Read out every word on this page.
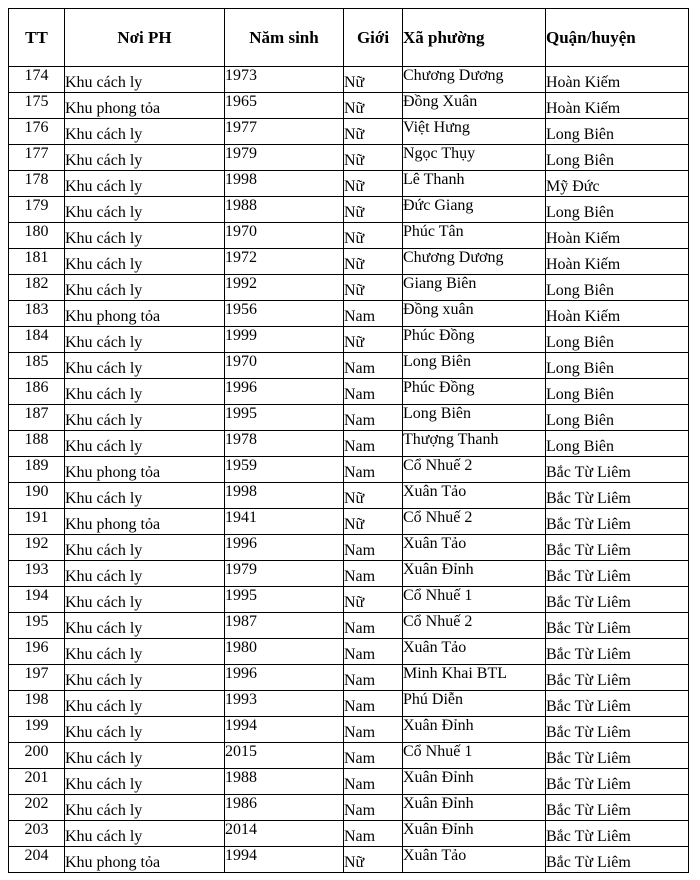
TT	Nơi PH	Năm sinh	Giới	Xã phường	Quận/huyện
174	Khu cách ly	1973	Nữ	Chương Dương	Hoàn Kiếm
175	Khu phong tỏa	1965	Nữ	Đồng Xuân	Hoàn Kiếm
176	Khu cách ly	1977	Nữ	Việt Hưng	Long Biên
177	Khu cách ly	1979	Nữ	Ngọc Thụy	Long Biên
178	Khu cách ly	1998	Nữ	Lê Thanh	Mỹ Đức
179	Khu cách ly	1988	Nữ	Đức Giang	Long Biên
180	Khu cách ly	1970	Nữ	Phúc Tân	Hoàn Kiếm
181	Khu cách ly	1972	Nữ	Chương Dương	Hoàn Kiếm
182	Khu cách ly	1992	Nữ	Giang Biên	Long Biên
183	Khu phong tỏa	1956	Nam	Đồng xuân	Hoàn Kiếm
184	Khu cách ly	1999	Nữ	Phúc Đồng	Long Biên
185	Khu cách ly	1970	Nam	Long Biên	Long Biên
186	Khu cách ly	1996	Nam	Phúc Đồng	Long Biên
187	Khu cách ly	1995	Nam	Long Biên	Long Biên
188	Khu cách ly	1978	Nam	Thượng Thanh	Long Biên
189	Khu phong tỏa	1959	Nam	Cổ Nhuế 2	Bắc Từ Liêm
190	Khu cách ly	1998	Nữ	Xuân Tảo	Bắc Từ Liêm
191	Khu phong tỏa	1941	Nữ	Cổ Nhuế 2	Bắc Từ Liêm
192	Khu cách ly	1996	Nam	Xuân Tảo	Bắc Từ Liêm
193	Khu cách ly	1979	Nam	Xuân Đỉnh	Bắc Từ Liêm
194	Khu cách ly	1995	Nữ	Cổ Nhuế 1	Bắc Từ Liêm
195	Khu cách ly	1987	Nam	Cổ Nhuế 2	Bắc Từ Liêm
196	Khu cách ly	1980	Nam	Xuân Tảo	Bắc Từ Liêm
197	Khu cách ly	1996	Nam	Minh Khai BTL	Bắc Từ Liêm
198	Khu cách ly	1993	Nam	Phú Diễn	Bắc Từ Liêm
199	Khu cách ly	1994	Nam	Xuân Đỉnh	Bắc Từ Liêm
200	Khu cách ly	2015	Nam	Cổ Nhuế 1	Bắc Từ Liêm
201	Khu cách ly	1988	Nam	Xuân Đỉnh	Bắc Từ Liêm
202	Khu cách ly	1986	Nam	Xuân Đỉnh	Bắc Từ Liêm
203	Khu cách ly	2014	Nam	Xuân Đỉnh	Bắc Từ Liêm
204	Khu phong tỏa	1994	Nữ	Xuân Tảo	Bắc Từ Liêm
